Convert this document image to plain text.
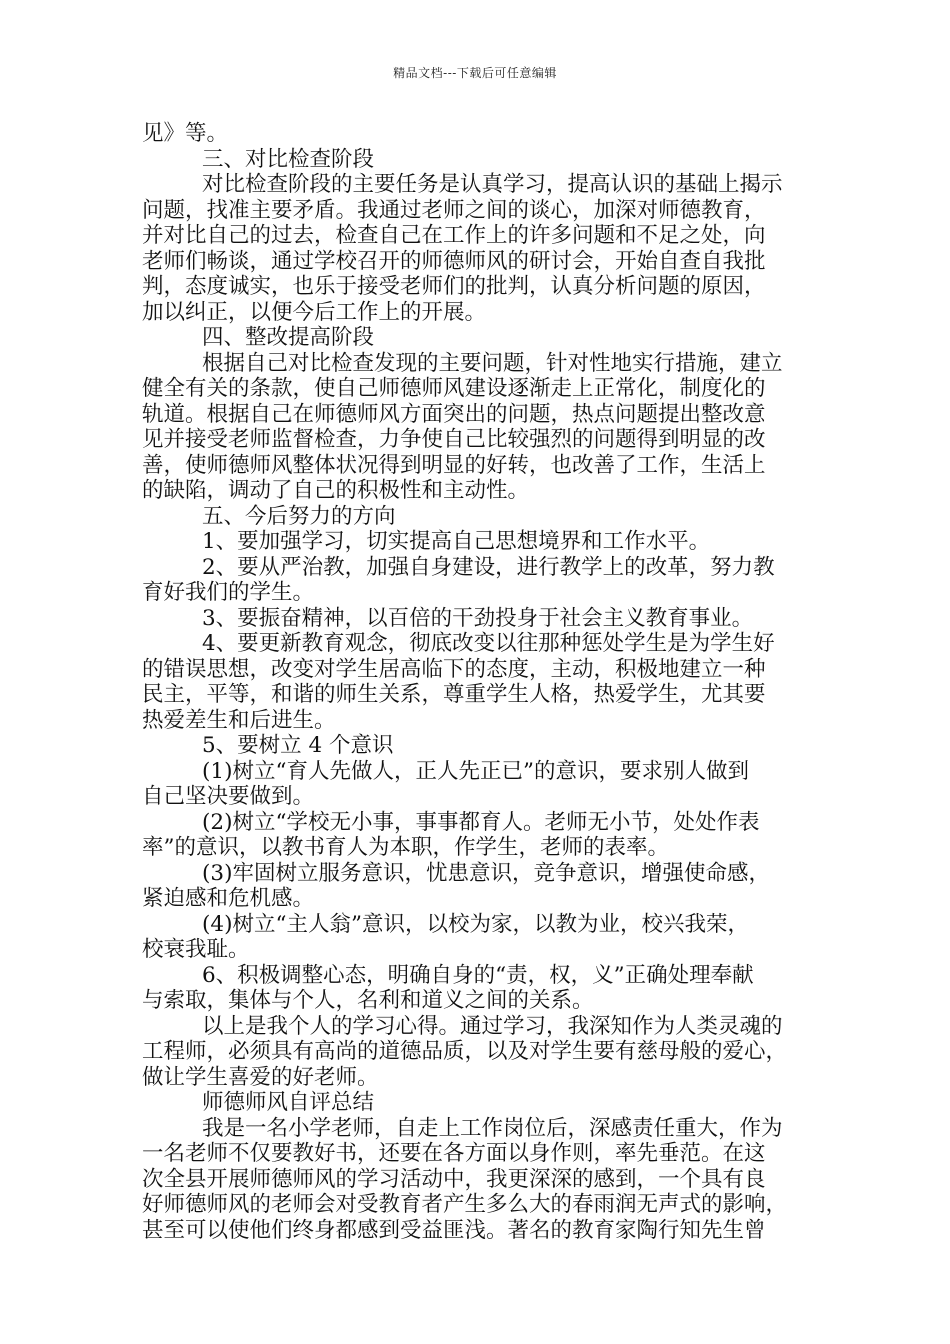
精品文档---下载后可任意编辑
见》等。
三、对比检查阶段
对比检查阶段的主要任务是认真学习，提高认识的基础上揭示
问题，找准主要矛盾。我通过老师之间的谈心，加深对师德教育，
并对比自己的过去，检查自己在工作上的许多问题和不足之处，向
老师们畅谈，通过学校召开的师德师风的研讨会，开始自查自我批
判，态度诚实，也乐于接受老师们的批判，认真分析问题的原因，
加以纠正，以便今后工作上的开展。
四、整改提高阶段
根据自己对比检查发现的主要问题，针对性地实行措施，建立
健全有关的条款，使自己师德师风建设逐渐走上正常化，制度化的
轨道。根据自己在师德师风方面突出的问题，热点问题提出整改意
见并接受老师监督检查，力争使自己比较强烈的问题得到明显的改
善，使师德师风整体状况得到明显的好转，也改善了工作，生活上
的缺陷，调动了自己的积极性和主动性。
五、今后努力的方向
1、要加强学习，切实提高自己思想境界和工作水平。
2、要从严治教，加强自身建设，进行教学上的改革，努力教
育好我们的学生。
3、要振奋精神，以百倍的干劲投身于社会主义教育事业。
4、要更新教育观念，彻底改变以往那种惩处学生是为学生好
的错误思想，改变对学生居高临下的态度，主动，积极地建立一种
民主，平等，和谐的师生关系，尊重学生人格，热爱学生，尤其要
热爱差生和后进生。
5、要树立 4 个意识
(1)树立“育人先做人，正人先正已”的意识，要求别人做到
自己坚决要做到。
(2)树立“学校无小事，事事都育人。老师无小节，处处作表
率”的意识，以教书育人为本职，作学生，老师的表率。
(3)牢固树立服务意识，忧患意识，竞争意识，增强使命感，
紧迫感和危机感。
(4)树立“主人翁”意识，以校为家，以教为业，校兴我荣，
校衰我耻。
6、积极调整心态，明确自身的“责，权，义”正确处理奉献
与索取，集体与个人，名利和道义之间的关系。
以上是我个人的学习心得。通过学习，我深知作为人类灵魂的
工程师，必须具有高尚的道德品质，以及对学生要有慈母般的爱心，
做让学生喜爱的好老师。
师德师风自评总结
我是一名小学老师，自走上工作岗位后，深感责任重大，作为
一名老师不仅要教好书，还要在各方面以身作则，率先垂范。在这
次全县开展师德师风的学习活动中，我更深深的感到，一个具有良
好师德师风的老师会对受教育者产生多么大的春雨润无声式的影响，
甚至可以使他们终身都感到受益匪浅。著名的教育家陶行知先生曾
